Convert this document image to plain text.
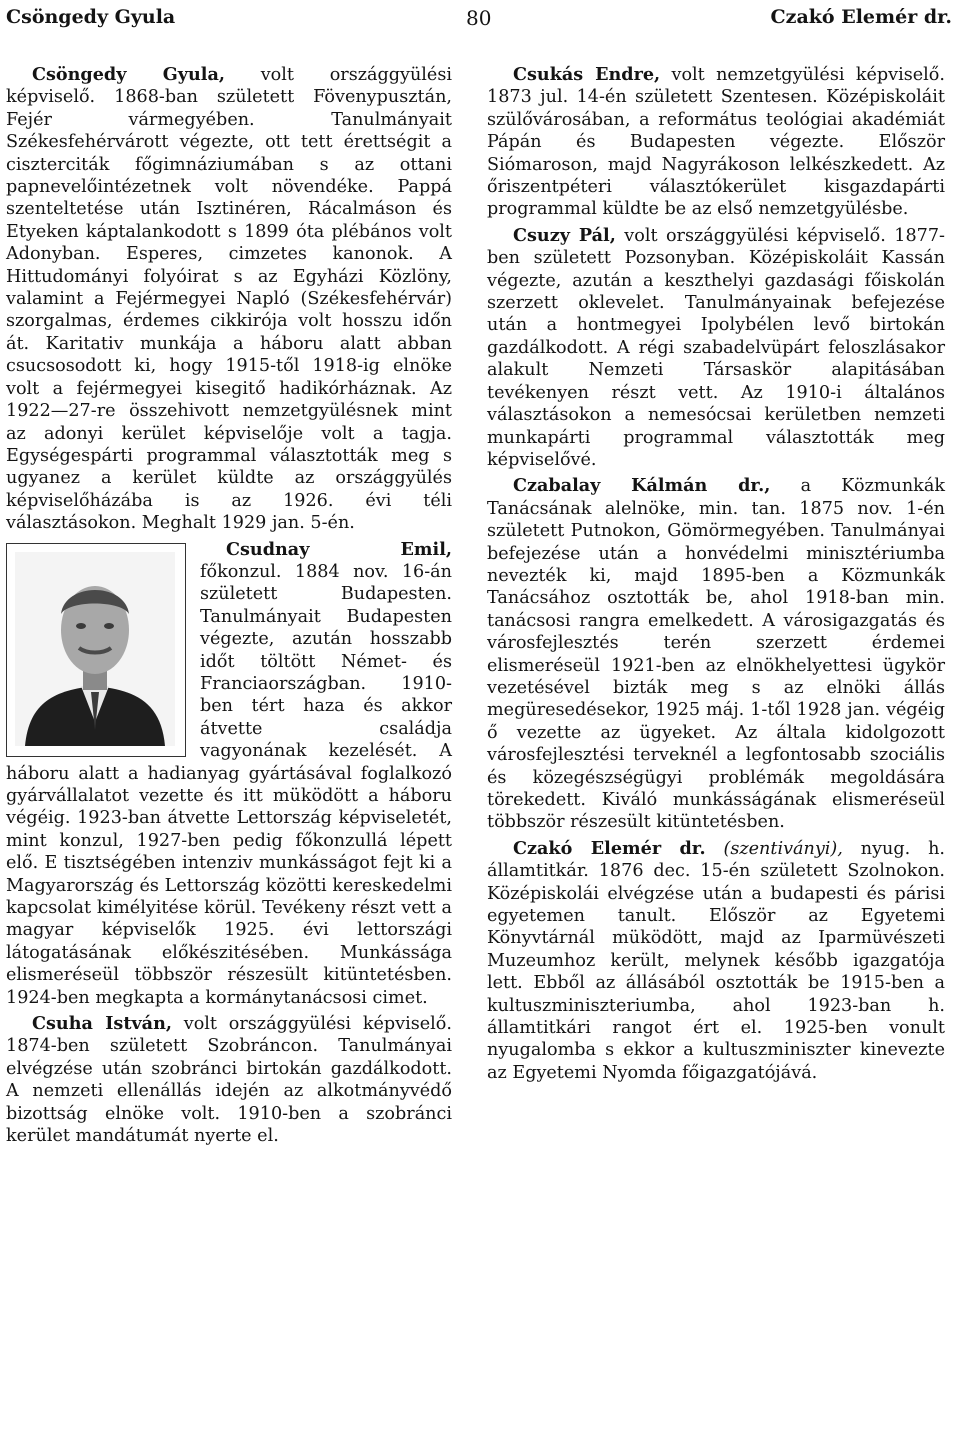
Csöngedy Gyula	80	Czakó Elemér dr.

Csöngedy Gyula, volt országgyülési képviselő. 1868-ban született Fövenypusztán, Fejér vármegyében. Tanulmányait Székesfehérvárott végezte, ott tett érettségit a ciszterciták főgimnáziumában s az ottani papnevelőintézetnek volt növendéke. Pappá szenteltetése után Isztinéren, Rácalmáson és Etyeken káptalankodott s 1899 óta plébános volt Adonyban. Esperes, cimzetes kanonok. A Hittudományi folyóirat s az Egyházi Közlöny, valamint a Fejérmegyei Napló (Székesfehérvár) szorgalmas, érdemes cikkirója volt hosszu időn át. Karitativ munkája a háboru alatt abban csucsosodott ki, hogy 1915-től 1918-ig elnöke volt a fejérmegyei kisegitő hadikórháznak. Az 1922—27-re összehivott nemzetgyülésnek mint az adonyi kerület képviselője volt a tagja. Egységespárti programmal választották meg s ugyanez a kerület küldte az országgyülés képviselőházába is az 1926. évi téli választásokon. Meghalt 1929 jan. 5-én.

Csudnay Emil, főkonzul. 1884 nov. 16-án született Budapesten. Tanulmányait Budapesten végezte, azután hosszabb időt töltött Német- és Franciaországban. 1910-ben tért haza és akkor átvette családja vagyonának kezelését. A háboru alatt a hadianyag gyártásával foglalkozó gyárvállalatot vezette és itt müködött a háboru végéig. 1923-ban átvette Lettország képviseletét, mint konzul, 1927-ben pedig főkonzullá lépett elő. E tisztségében intenziv munkásságot fejt ki a Magyarország és Lettország közötti kereskedelmi kapcsolat kimélyitése körül. Tevékeny részt vett a magyar képviselők 1925. évi lettországi látogatásának előkészitésében. Munkássága elismeréseül többször részesült kitüntetésben. 1924-ben megkapta a kormánytanácsosi cimet.

Csuha István, volt országgyülési képviselő. 1874-ben született Szobráncon. Tanulmányai elvégzése után szobránci birtokán gazdálkodott. A nemzeti ellenállás idején az alkotmányvédő bizottság elnöke volt. 1910-ben a szobránci kerület mandátumát nyerte el.

Csukás Endre, volt nemzetgyülési képviselő. 1873 jul. 14-én született Szentesen. Középiskoláit szülővárosában, a református teológiai akadémiát Pápán és Budapesten végezte. Először Siómaroson, majd Nagyrákoson lelkészkedett. Az őriszentpéteri választókerület kisgazdapárti programmal küldte be az első nemzetgyülésbe.

Csuzy Pál, volt országgyülési képviselő. 1877-ben született Pozsonyban. Középiskoláit Kassán végezte, azután a keszthelyi gazdasági főiskolán szerzett oklevelet. Tanulmányainak befejezése után a hontmegyei Ipolybélen levő birtokán gazdálkodott. A régi szabadelvüpárt feloszlásakor alakult Nemzeti Társaskör alapitásában tevékenyen részt vett. Az 1910-i általános választásokon a nemesócsai kerületben nemzeti munkapárti programmal választották meg képviselővé.

Czabalay Kálmán dr., a Közmunkák Tanácsának alelnöke, min. tan. 1875 nov. 1-én született Putnokon, Gömörmegyében. Tanulmányai befejezése után a honvédelmi minisztériumba nevezték ki, majd 1895-ben a Közmunkák Tanácsához osztották be, ahol 1918-ban min. tanácsosi rangra emelkedett. A városigazgatás és városfejlesztés terén szerzett érdemei elismeréseül 1921-ben az elnökhelyettesi ügykör vezetésével bizták meg s az elnöki állás megüresedésekor, 1925 máj. 1-től 1928 jan. végéig ő vezette az ügyeket. Az általa kidolgozott városfejlesztési terveknél a legfontosabb szociális és közegészségügyi problémák megoldására törekedett. Kiváló munkásságának elismeréseül többször részesült kitüntetésben.

Czakó Elemér dr. (szentiványi), nyug. h. államtitkár. 1876 dec. 15-én született Szolnokon. Középiskolái elvégzése után a budapesti és párisi egyetemen tanult. Először az Egyetemi Könyvtárnál müködött, majd az Iparmüvészeti Muzeumhoz került, melynek később igazgatója lett. Ebből az állásából osztották be 1915-ben a kultuszminiszteriumba, ahol 1923-ban h. államtitkári rangot ért el. 1925-ben vonult nyugalomba s ekkor a kultuszminiszter kinevezte az Egyetemi Nyomda főigazgatójává.
